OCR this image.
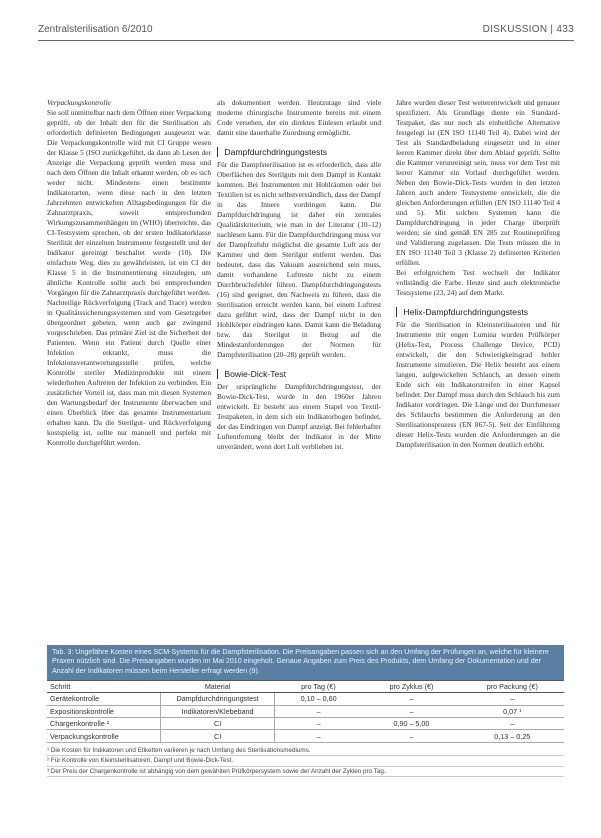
Zentralsterilisation 6/2010	DISKUSSION | 433

Verpackungskontrolle

Sie soll unmittelbar nach dem Öffnen einer Verpackung geprüft, ob der Inhalt den für die Sterilisation als erforderlich definierten Bedingungen ausgesetzt war. Die Verpackungskontrolle wird mit CI Gruppe wesen der Klasse 5 (ISO zurückgeführt, da dann ab Lesen der Anzeige die Verpackung geprüft werden muss und nach dem Öffnen die Inhalt erkannt werden, ob es sich weder nicht. Mindestens einen bestimmte Indikatorarten, wenn diese nach in den letzten Jahrzehnten entwickelten Alltagsbedingungen für die Zahnarztpraxis, soweit entsprechenden Wirkungszusammenhängen im (WHO) überreichte, das CI-Testsystem sprechen, ob der ersten Indikatorklasse Sterilität der einzelnen Instrumente festgestellt und der Indikator gereinigt beschaltet werde (10). Die einfachste Weg, dies zu gewährleisten, ist ein CI der Klasse 5 in die Instrumentierung einzulegen, um ähnliche Kontrolle sollte auch bei entsprechenden Vorgängen für die Zahnarztpraxis durchgeführt werden.

Nachteilige Rückverfolgung (Track and Trace) werden in Qualitätssicherungssystemen und vom Gesetzgeber übergeordnet gebeten, wenn auch gar zwingend vorgeschrieben. Das primäre Ziel ist die Sicherheit der Patienten. Wenn ein Patient durch Quelle einer Infektion erkrankt, muss die Infektionsverantwortungsstelle prüfen, welche Kontrolle steriler Medizinprodukte mit einem wiederholten Auftreten der Infektion zu verbinden. Ein zusätzlicher Vorteil ist, dass man mit diesen Systemen den Wartungsbedarf der Instrumente überwachen und einen Überblick über das gesamte Instrumentarium erhalten kann. Da die Sterilgut- und Rückverfolgung kostspielig ist, sollte nur manuell und perfekt mit Kontrolle durchgeführt werden.

als dokumentiert werden. Heutzutage sind viele moderne chirurgische Instrumente bereits mit einem Code versehen, der ein direktes Einlesen erlaubt und damit eine dauerhafte Zuordnung ermöglicht.

Dampfdurchdringungstests

Für die Dampfsterilisation ist es erforderlich, dass alle Oberflächen des Sterilguts mit dem Dampf in Kontakt kommen. Bei Instrumenten mit Hohlräumen oder bei Textilien ist es nicht selbstverständlich, dass der Dampf in das Innere vordringen kann. Die Dampfdurchdringung ist daher ein zentrales Qualitätskriterium, wie man in der Literatur (10–12) nachlesen kann. Für die Dampfdurchdringung muss vor der Dampfzufuhr möglichst die gesamte Luft aus der Kammer und dem Sterilgut entfernt werden. Das bedeutet, dass das Vakuum ausreichend sein muss, damit vorhandene Luftreste nicht zu einem Durchbruchsfehler führen. Dampfdurchdringungstests (16) sind geeignet, den Nachweis zu führen, dass die Sterilisation erreicht werden kann, bei einem Luftrest dazu geführt wird, dass der Dampf nicht in den Hohlkörper eindringen kann. Damit kann die Beladung bzw. das Sterilgut in Bezug auf die Mindestanforderungen der Normen für Dampfsterilisation (20–28) geprüft werden.

Bowie-Dick-Test

Der ursprüngliche Dampfdurchdringungstest, der Bowie-Dick-Test, wurde in den 1960er Jahren entwickelt. Er besteht aus einem Stapel von Textil-Testpaketen, in dem sich ein Indikatorbogen befindet, der das Eindringen von Dampf anzeigt. Bei fehlerhafter Luftentfernung bleibt der Indikator in der Mitte unverändert, wenn dort Luft verblieben ist.

Jahre wurden dieser Test weiterentwickelt und genauer spezifiziert. Als Grundlage diente ein Standard-Testpaket, das nur noch als einheitliche Alternative festgelegt ist (EN ISO 11140 Teil 4). Dabei wird der Test als Standardbeladung eingesetzt und in einer leeren Kammer direkt über dem Ablauf geprüft. Sollte die Kammer verunreinigt sein, muss vor dem Test mit leerer Kammer ein Vorlauf durchgeführt werden. Neben den Bowie-Dick-Tests wurden in den letzten Jahren auch andere Testsysteme entwickelt, die die gleichen Anforderungen erfüllen (EN ISO 11140 Teil 4 und 5). Mit solchen Systemen kann die Dampfdurchdringung in jeder Charge überprüft werden; sie sind gemäß EN 285 zur Routineprüfung und Validierung zugelassen. Die Tests müssen die in EN ISO 11140 Teil 3 (Klasse 2) definierten Kriterien erfüllen.

Bei erfolgreichem Test wechselt der Indikator vollständig die Farbe. Heute sind auch elektronische Testsysteme (23, 24) auf dem Markt.

Helix-Dampfdurchdringungstests

Für die Sterilisation in Kleinsterilisatoren und für Instrumente mit engen Lumina wurden Prüfkörper (Helix-Test, Process Challenge Device, PCD) entwickelt, die den Schwierigkeitsgrad hohler Instrumente simulieren. Die Helix besteht aus einem langen, aufgewickelten Schlauch, an dessen einem Ende sich ein Indikatorstreifen in einer Kapsel befindet. Der Dampf muss durch den Schlauch bis zum Indikator vordringen. Die Länge und der Durchmesser des Schlauchs bestimmen die Anforderung an den Sterilisationsprozess (EN 867-5). Seit der Einführung dieser Helix-Tests wurden die Anforderungen an die Dampfsterilisation in den Normen deutlich erhöht.

Tab. 3: Ungefähre Kosten eines SCM-Systems für die Dampfsterilisation. Die Preisangaben passen sich an den Umfang der Prüfungen an, welche für kleinere Praxen nützlich sind. Die Preisangaben wurden im Mai 2010 eingeholt. Genaue Angaben zum Preis des Produkts, dem Umfang der Dokumentation und der Anzahl der Indikatoren müssen beim Hersteller erfragt werden (9).
Schritt	Material	pro Tag (€)	pro Zyklus (€)	pro Packung (€)
Gerätekontrolle	Dampfdurchdringungstest	0,10 – 0,60	–	–
Expositionskontrolle	Indikatoren/Klebeband	–	–	0,07 ¹
Chargenkontrolle ²	CI	–	0,90 – 5,00	–
Verpackungskontrolle	CI	–	–	0,13 – 0,25
¹ Die Kosten für Indikatoren und Etiketten variieren je nach Umfang des Sterilisationsmediums.
² Für Kontrolle von Kleinsterilisatoren, Dampf und Bowie-Dick-Test.
³ Der Preis der Chargenkontrolle ist abhängig von dem gewählten Prüfkörpersystem sowie der Anzahl der Zyklen pro Tag.
